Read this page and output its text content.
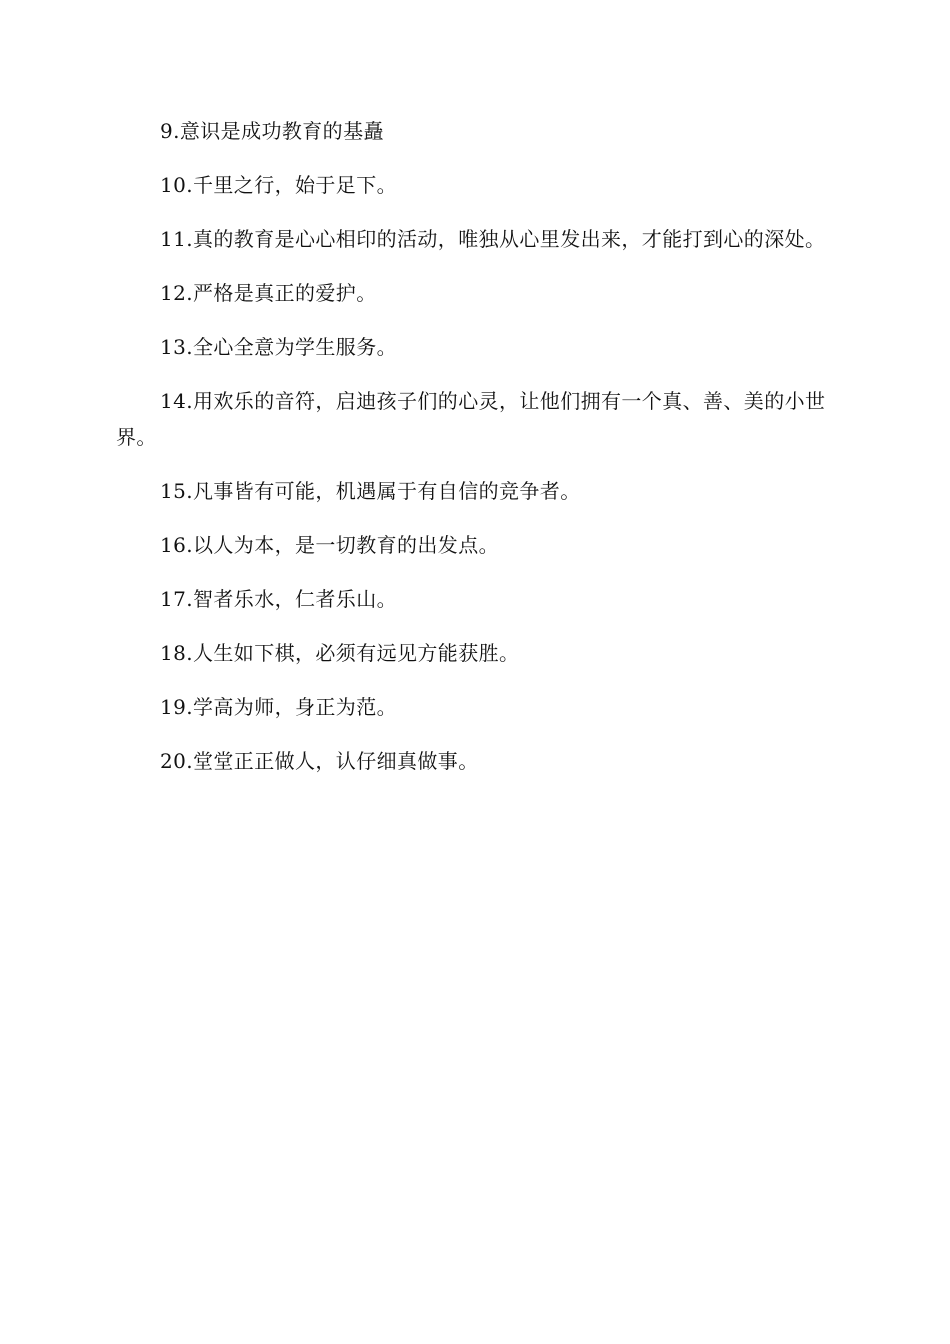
9.意识是成功教育的基矗

10.千里之行，始于足下。

11.真的教育是心心相印的活动，唯独从心里发出来，才能打到心的深处。

12.严格是真正的爱护。

13.全心全意为学生服务。

14.用欢乐的音符，启迪孩子们的心灵，让他们拥有一个真、善、美的小世界。

15.凡事皆有可能，机遇属于有自信的竞争者。

16.以人为本，是一切教育的出发点。

17.智者乐水，仁者乐山。

18.人生如下棋，必须有远见方能获胜。

19.学高为师，身正为范。

20.堂堂正正做人，认仔细真做事。
